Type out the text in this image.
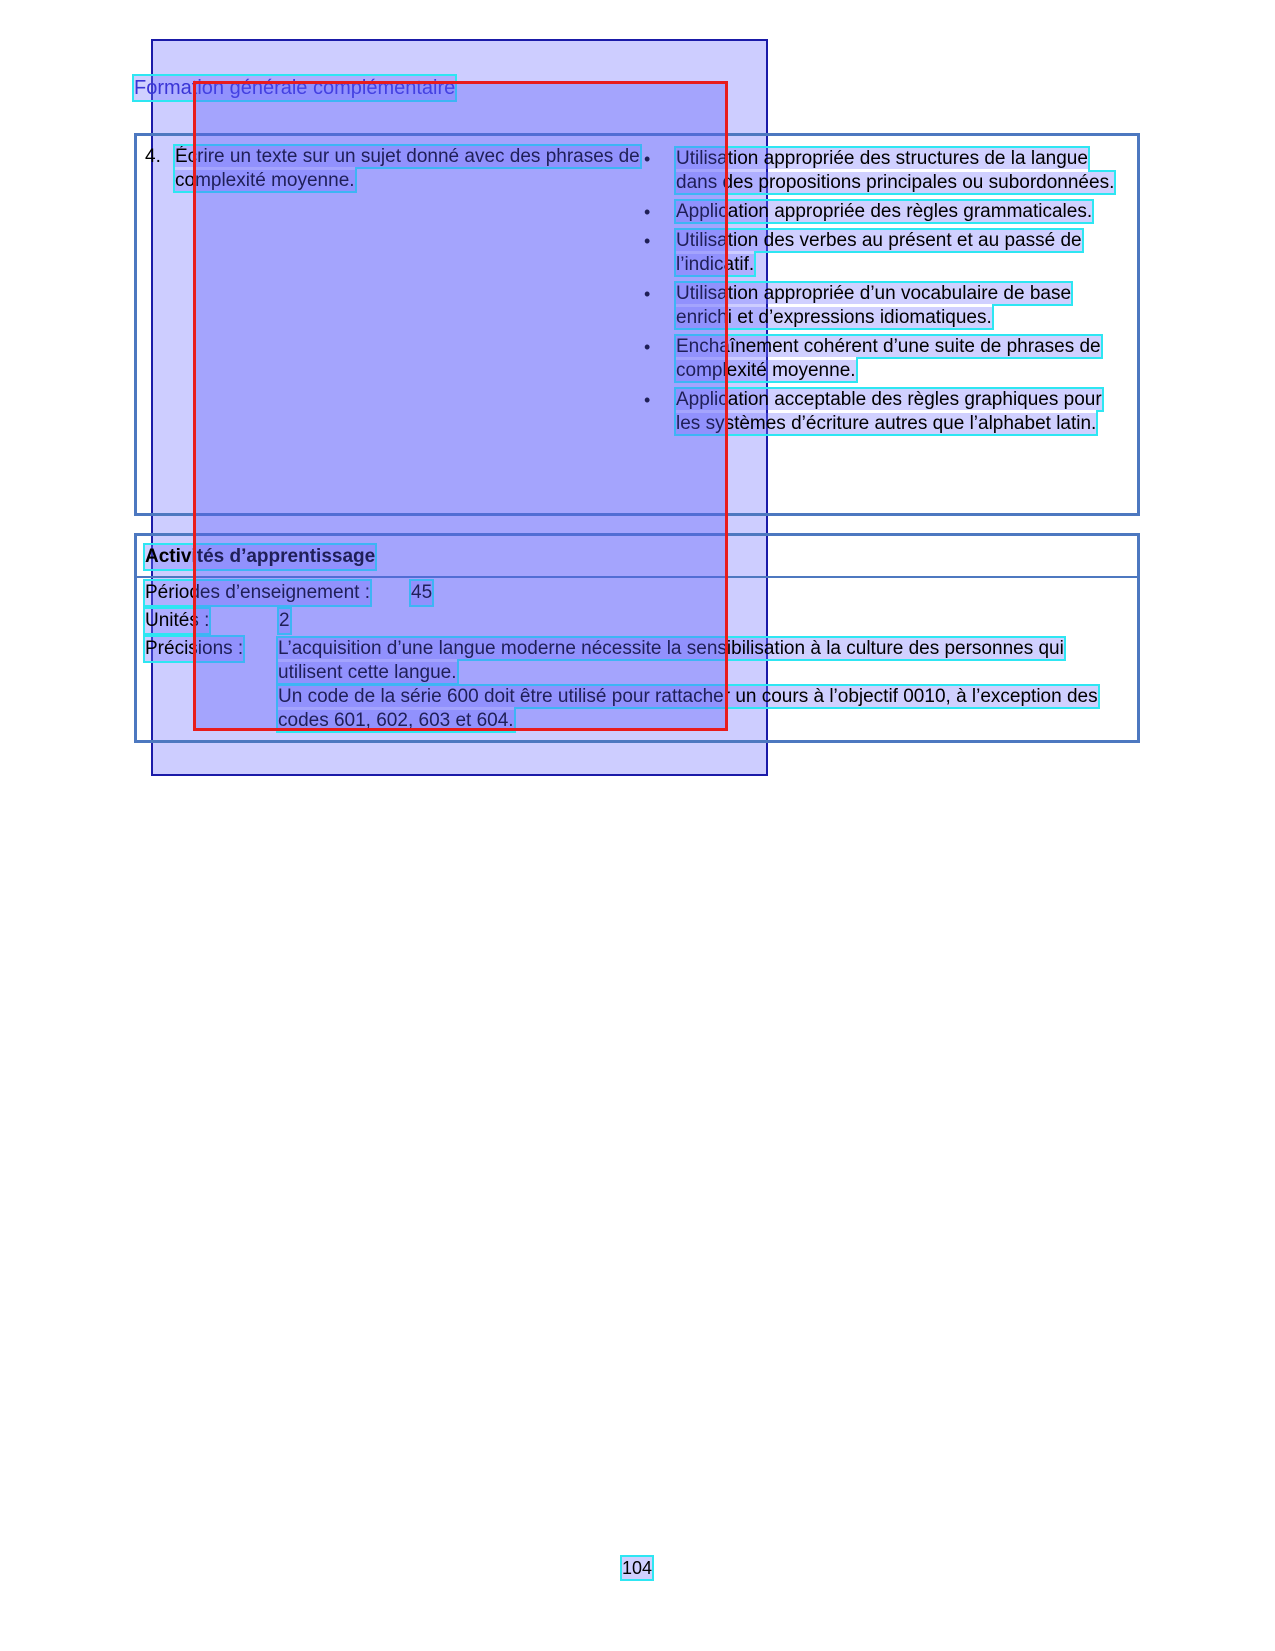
Formation générale complémentaire
4. Écrire un texte sur un sujet donné avec des phrases de complexité moyenne.
• Utilisation appropriée des structures de la langue dans des propositions principales ou subordonnées.
• Application appropriée des règles grammaticales.
• Utilisation des verbes au présent et au passé de l’indicatif.
• Utilisation appropriée d’un vocabulaire de base enrichi et d’expressions idiomatiques.
• Enchaînement cohérent d’une suite de phrases de complexité moyenne.
• Application acceptable des règles graphiques pour les systèmes d’écriture autres que l’alphabet latin.
Activités d’apprentissage
Périodes d’enseignement : 45
Unités :	2
Précisions : L’acquisition d’une langue moderne nécessite la sensibilisation à la culture des personnes qui utilisent cette langue.

Un code de la série 600 doit être utilisé pour rattacher un cours à l’objectif 0010, à l’exception des codes 601, 602, 603 et 604.

104
